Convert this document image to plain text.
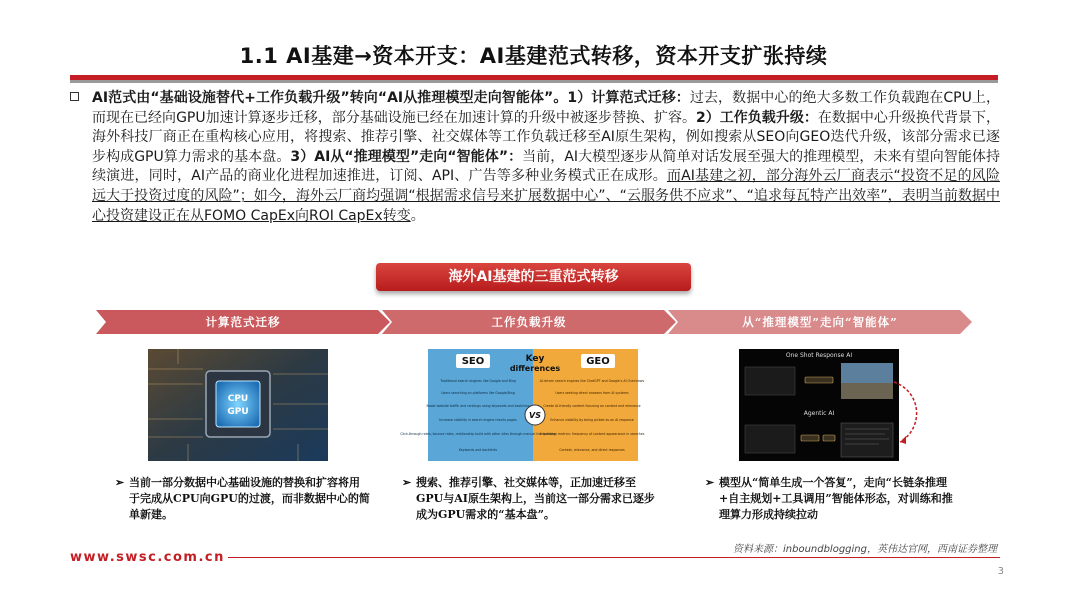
1.1 AI基建→资本开支：AI基建范式转移，资本开支扩张持续
AI范式由“基础设施替代+工作负载升级”转向“AI从推理模型走向智能体”。1）计算范式迁移：过去，数据中心的绝大多数工作负载跑在CPU上，而现在已经向GPU加速计算逐步迁移，部分基础设施已经在加速计算的升级中被逐步替换、扩容。2）工作负载升级：在数据中心升级换代背景下，海外科技厂商正在重构核心应用，将搜索、推荐引擎、社交媒体等工作负载迁移至AI原生架构，例如搜索从SEO向GEO迭代升级，该部分需求已逐步构成GPU算力需求的基本盘。3）AI从“推理模型”走向“智能体”：当前，AI大模型逐步从简单对话发展至强大的推理模型，未来有望向智能体持续演进，同时，AI产品的商业化进程加速推进，订阅、API、广告等多种业务模式正在成形。而AI基建之初，部分海外云厂商表示“投资不足的风险远大于投资过度的风险”；如今，海外云厂商均强调“根据需求信号来扩展数据中心”、“云服务供不应求”、“追求每瓦特产出效率”，表明当前数据中心投资建设正在从FOMO CapEx向ROI CapEx转变。
海外AI基建的三重范式转移
计算范式迁移	工作负载升级	从“推理模型”走向“智能体”
CPU
GPU
SEO	GEO
Key
differences
VS
Traditional search engines like Google and Bing
Users searching on platforms like Google/Bing
Boost website traffic and rankings using keywords and backlinks
Increase visibility in search engine results pages
Click-through rates, bounce rates, relationship build with other sites through manual link building
Keywords and backlinks
AI-driven search engines like ChatGPT and Google's AI Overviews
Users seeking direct answers from AI systems
Create AI-friendly content focusing on context and relevance
Enhance visibility by being picked as an AI response
Impression metrics: frequency of content appearance in searches
Context, relevance, and direct responses
One Shot Response AI
Agentic AI
➢ 当前一部分数据中心基础设施的替换和扩容将用于完成从CPU向GPU的过渡，而非数据中心的简单新建。
➢ 搜索、推荐引擎、社交媒体等，正加速迁移至GPU与AI原生架构上，当前这一部分需求已逐步成为GPU需求的“基本盘”。
➢ 模型从“简单生成一个答复”，走向“长链条推理+自主规划+工具调用”智能体形态，对训练和推理算力形成持续拉动
资料来源：inboundblogging，英伟达官网，西南证券整理
www.swsc.com.cn
3
